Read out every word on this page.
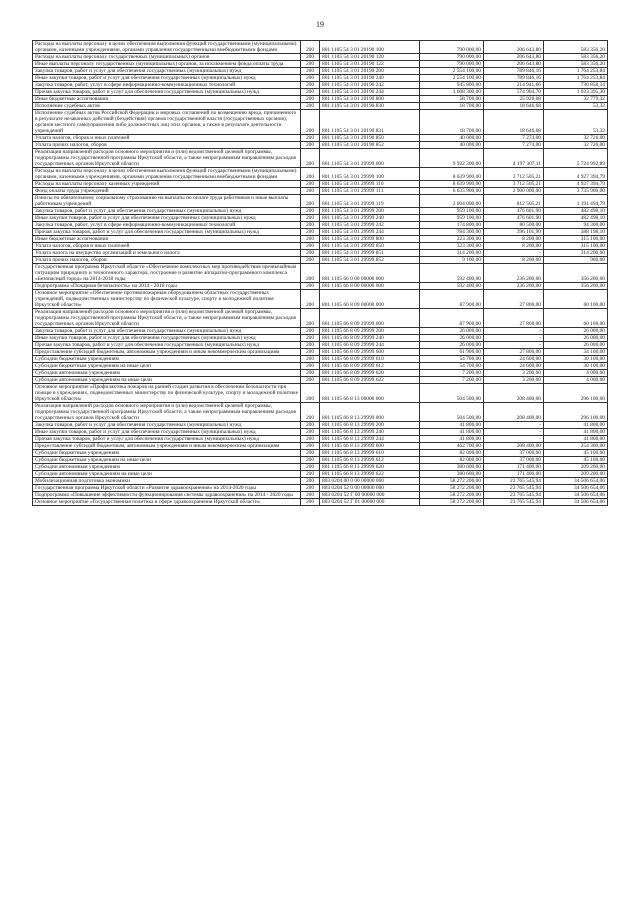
19
Расходы на выплаты персоналу в целях обеспечения выполнения функций государственными (муниципальными) органами, казенными учреждениями, органами управления государственными внебюджетными фондами	200	801 1105 54 3 01 20190 100	790 000,00	206 643,80	583 356,20
Расходы на выплаты персоналу государственных (муниципальных) органов	200	801 1105 54 3 01 20190 120	790 000,00	206 643,80	583 356,20
Иные выплаты персоналу государственных (муниципальных) органов, за исключением фонда оплаты труда	200	801 1105 54 3 01 20190 122	790 000,00	206 643,80	583 356,20
Закупка товаров, работ и услуг для обеспечения государственных (муниципальных) нужд	200	801 1105 54 3 01 20190 200	2 554 100,00	789 846,16	1 764 253,84
Иные закупки товаров, работ и услуг для обеспечения государственных (муниципальных) нужд	200	801 1105 54 3 01 20190 240	2 554 100,00	789 846,16	1 764 253,84
Закупка товаров, работ, услуг в сфере информационно-коммуникационных технологий	200	801 1105 54 3 01 20190 242	945 800,00	214 941,66	730 858,34
Прочая закупка товаров, работ и услуг для обеспечения государственных (муниципальных) нужд	200	801 1105 54 3 01 20190 244	1 608 300,00	574 904,70	1 033 395,30
Иные бюджетные ассигнования	200	801 1105 54 3 01 20190 800	58 700,00	25 920,68	32 779,32
Исполнение судебных актов	200	801 1105 54 3 01 20190 830	18 700,00	18 646,68	53,32
Исполнение судебных актов Российской Федерации и мировых соглашений по возмещению вреда, причиненного в результате незаконных действий (бездействия) органов государственной власти (государственных органов), органов местного самоуправления либо должностных лиц этих органов, а также в результате деятельности учреждений	200	801 1105 54 3 01 20190 831	18 700,00	18 646,68	53,32
Уплата налогов, сборов и иных платежей	200	801 1105 54 3 01 20190 850	40 000,00	7 274,00	32 726,00
Уплата прочих налогов, сборов	200	801 1105 54 3 01 20190 852	40 000,00	7 274,00	32 726,00
Реализация направлений расходов основного мероприятия и (или) ведомственной целевой программы, подпрограммы государственной программы Иркутской области, а также непрограммным направлениям расходов государственных органов Иркутской области	200	801 1105 54 3 01 29999 000	9 922 300,00	4 197 307,11	5 724 992,89
Расходы на выплаты персоналу в целях обеспечения выполнения функций государственными (муниципальными) органами, казенными учреждениями, органами управления государственными внебюджетными фондами	200	801 1105 54 3 01 29999 100	8 639 900,00	3 712 505,21	4 927 394,79
Расходы на выплаты персоналу казенных учреждений	200	801 1105 54 3 01 29999 110	8 639 900,00	3 712 505,21	4 927 394,79
Фонд оплаты труда учреждений	200	801 1105 54 3 01 29999 111	6 635 900,00	2 900 000,00	3 735 900,00
Взносы по обязательному социальному страхованию на выплаты по оплате труда работников и иные выплаты работникам учреждений	200	801 1105 54 3 01 29999 119	2 004 000,00	812 505,21	1 191 494,79
Закупка товаров, работ и услуг для обеспечения государственных (муниципальных) нужд	200	801 1105 54 3 01 29999 200	959 100,00	476 601,90	482 498,10
Иные закупки товаров, работ и услуг для обеспечения государственных (муниципальных) нужд	200	801 1105 54 3 01 29999 240	959 100,00	476 601,90	482 498,10
Закупка товаров, работ, услуг в сфере информационно-коммуникационных технологий	200	801 1105 54 3 01 29999 242	174 800,00	80 500,00	94 300,00
Прочая закупка товаров, работ и услуг для обеспечения государственных (муниципальных) нужд	200	801 1105 54 3 01 29999 244	784 300,00	396 101,90	388 198,10
Иные бюджетные ассигнования	200	801 1105 54 3 01 29999 800	323 300,00	8 200,00	315 100,00
Уплата налогов, сборов и иных платежей	200	801 1105 54 3 01 29999 850	323 300,00	8 200,00	315 100,00
Уплата налога на имущество организаций и земельного налога	200	801 1105 54 3 01 29999 851	314 200,00	-	314 200,00
Уплата прочих налогов, сборов	200	801 1105 54 3 01 29999 852	9 100,00	8 200,00	900,00
Государственная программа Иркутской области «Обеспечение комплексных мер противодействия чрезвычайным ситуациям природного и техногенного характера, построение и развитие аппаратно-программного комплекса «Безопасный город» на 2014-2018 годы	200	801 1105 66 0 00 00000 000	592 400,00	236 200,00	356 200,00
Подпрограмма «Пожарная безопасность» на 2014 - 2018 годы	200	801 1105 66 8 00 00000 000	592 400,00	236 200,00	356 200,00
Основное мероприятие «Обеспечение противопожарным оборудованием областных государственных учреждений, подведомственных министерству по физической культуре, спорту и молодежной политике Иркутской области»	200	801 1105 66 8 09 00000 000	87 900,00	27 800,00	60 100,00
Реализация направлений расходов основного мероприятия и (или) ведомственной целевой программы, подпрограммы государственной программы Иркутской области, а также непрограммным направлениям расходов государственных органов Иркутской области	200	801 1105 66 8 09 29999 000	87 900,00	27 800,00	60 100,00
Закупка товаров, работ и услуг для обеспечения государственных (муниципальных) нужд	200	801 1105 66 8 09 29999 200	26 000,00	-	26 000,00
Иные закупки товаров, работ и услуг для обеспечения государственных (муниципальных) нужд	200	801 1105 66 8 09 29999 240	26 000,00	-	26 000,00
Прочая закупка товаров, работ и услуг для обеспечения государственных (муниципальных) нужд	200	801 1105 66 8 09 29999 244	26 000,00	-	26 000,00
Предоставление субсидий бюджетным, автономным учреждениям и иным некоммерческим организациям	200	801 1105 66 8 09 29999 600	61 900,00	27 800,00	34 100,00
Субсидии бюджетным учреждениям	200	801 1105 66 8 09 29999 610	54 700,00	24 600,00	30 100,00
Субсидии бюджетным учреждениям на иные цели	200	801 1105 66 8 09 29999 612	54 700,00	24 600,00	30 100,00
Субсидии автономным учреждениям	200	801 1105 66 8 09 29999 620	7 200,00	3 200,00	4 000,00
Субсидии автономным учреждениям на иные цели	200	801 1105 66 8 09 29999 622	7 200,00	3 200,00	4 000,00
Основное мероприятие «Профилактика пожаров на ранней стадии развития в обеспечении безопасности при пожаре в учреждениях, подведомственных министерству по физической культуре, спорту и молодежной политике Иркутской области»	200	801 1105 66 8 13 00000 000	504 500,00	208 400,00	296 100,00
Реализация направлений расходов основного мероприятия и (или) ведомственной целевой программы, подпрограммы государственной программы Иркутской области, а также непрограммным направлениям расходов государственных органов Иркутской области	200	801 1105 66 8 13 29999 000	504 500,00	208 400,00	296 100,00
Закупка товаров, работ и услуг для обеспечения государственных (муниципальных) нужд	200	801 1105 66 8 13 29999 200	41 800,00	-	41 800,00
Иные закупки товаров, работ и услуг для обеспечения государственных (муниципальных) нужд	200	801 1105 66 8 13 29999 240	41 800,00	-	41 800,00
Прочая закупка товаров, работ и услуг для обеспечения государственных (муниципальных) нужд	200	801 1105 66 8 13 29999 244	41 800,00	-	41 800,00
Предоставление субсидий бюджетным, автономным учреждениям и иным некоммерческим организациям	200	801 1105 66 8 13 29999 600	462 700,00	208 400,00	254 300,00
Субсидии бюджетным учреждениям	200	801 1105 66 8 13 29999 610	82 000,00	37 000,00	45 100,00
Субсидии бюджетным учреждениям на иные цели	200	801 1105 66 8 13 29999 612	82 000,00	37 000,00	45 100,00
Субсидии автономным учреждениям	200	801 1105 66 8 13 29999 620	380 600,00	171 400,00	209 200,00
Субсидии автономным учреждениям на иные цели	200	801 1105 66 8 13 29999 622	380 600,00	171 400,00	209 200,00
Мобилизационная подготовка экономики	200	803 0204 00 0 00 00000 000	58 272 200,00	23 765 545,94	34 506 654,06
Государственная программа Иркутской области «Развитие здравоохранения» на 2014-2020 годы	200	803 0204 52 0 00 00000 000	58 272 200,00	23 765 545,94	34 506 654,06
Подпрограмма «Повышение эффективности функционирования системы здравоохранения» на 2014 - 2020 годы	200	803 0204 52 Г 00 00000 000	58 272 200,00	23 765 545,94	34 506 654,06
Основное мероприятие «Государственная политика в сфере здравоохранения Иркутской области»	200	803 0204 52 Г 01 00000 000	58 272 200,00	23 765 545,94	34 506 654,06
